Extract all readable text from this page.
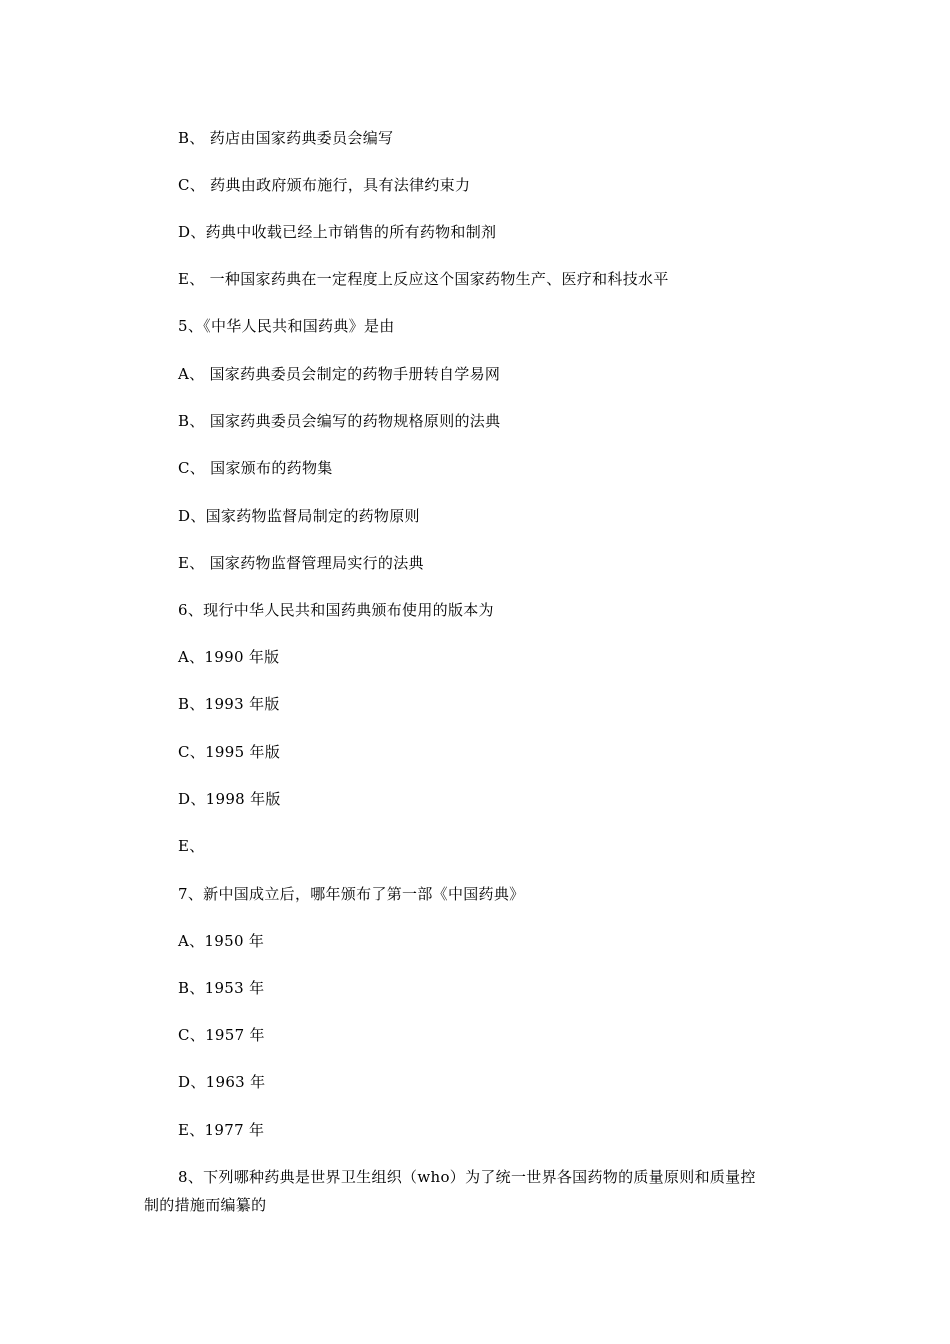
B、 药店由国家药典委员会编写
C、 药典由政府颁布施行，具有法律约束力
D、药典中收载已经上市销售的所有药物和制剂
E、 一种国家药典在一定程度上反应这个国家药物生产、医疗和科技水平
5、《中华人民共和国药典》是由
A、 国家药典委员会制定的药物手册转自学易网
B、 国家药典委员会编写的药物规格原则的法典
C、 国家颁布的药物集
D、国家药物监督局制定的药物原则
E、 国家药物监督管理局实行的法典
6、现行中华人民共和国药典颁布使用的版本为
A、1990 年版
B、1993 年版
C、1995 年版
D、1998 年版
E、
7、新中国成立后，哪年颁布了第一部《中国药典》
A、1950 年
B、1953 年
C、1957 年
D、1963 年
E、1977 年
8、下列哪种药典是世界卫生组织（who）为了统一世界各国药物的质量原则和质量控
制的措施而编纂的
